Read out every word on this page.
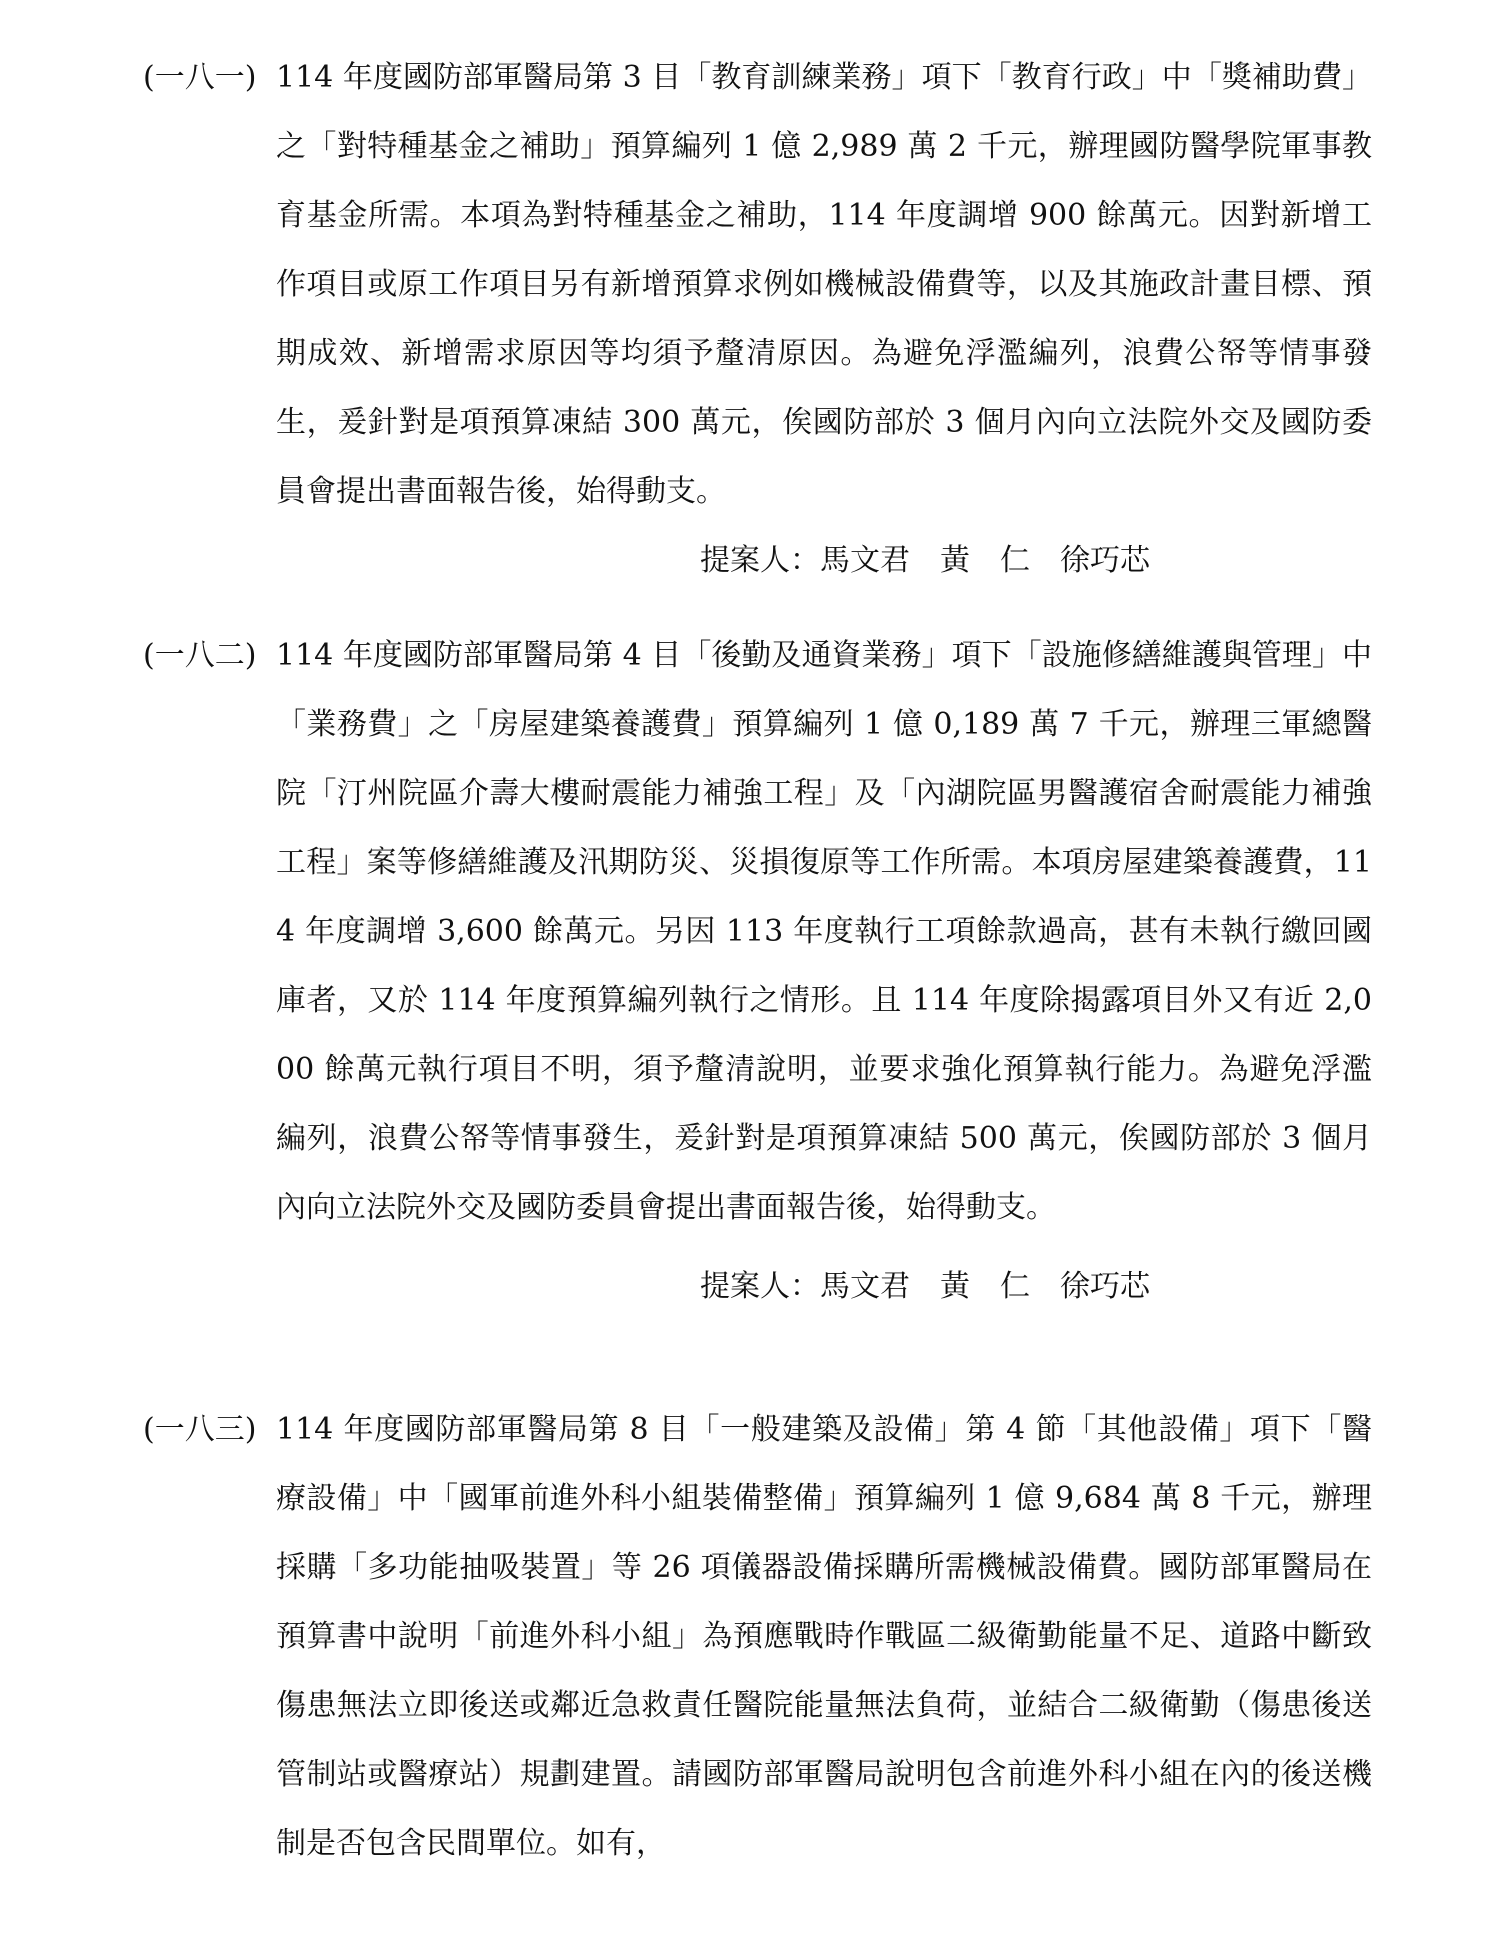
(一八一) 114 年度國防部軍醫局第 3 目「教育訓練業務」項下「教育行政」中「獎補助費」之「對特種基金之補助」預算編列 1 億 2,989 萬 2 千元，辦理國防醫學院軍事教育基金所需。本項為對特種基金之補助，114 年度調增 900 餘萬元。因對新增工作項目或原工作項目另有新增預算求例如機械設備費等，以及其施政計畫目標、預期成效、新增需求原因等均須予釐清原因。為避免浮濫編列，浪費公帑等情事發生，爰針對是項預算凍結 300 萬元，俟國防部於 3 個月內向立法院外交及國防委員會提出書面報告後，始得動支。
提案人：馬文君 黃　仁 徐巧芯
(一八二) 114 年度國防部軍醫局第 4 目「後勤及通資業務」項下「設施修繕維護與管理」中「業務費」之「房屋建築養護費」預算編列 1 億 0,189 萬 7 千元，辦理三軍總醫院「汀州院區介壽大樓耐震能力補強工程」及「內湖院區男醫護宿舍耐震能力補強工程」案等修繕維護及汛期防災、災損復原等工作所需。本項房屋建築養護費，114 年度調增 3,600 餘萬元。另因 113 年度執行工項餘款過高，甚有未執行繳回國庫者，又於 114 年度預算編列執行之情形。且 114 年度除揭露項目外又有近 2,000 餘萬元執行項目不明，須予釐清說明，並要求強化預算執行能力。為避免浮濫編列，浪費公帑等情事發生，爰針對是項預算凍結 500 萬元，俟國防部於 3 個月內向立法院外交及國防委員會提出書面報告後，始得動支。
提案人：馬文君 黃　仁 徐巧芯
(一八三) 114 年度國防部軍醫局第 8 目「一般建築及設備」第 4 節「其他設備」項下「醫療設備」中「國軍前進外科小組裝備整備」預算編列 1 億 9,684 萬 8 千元，辦理採購「多功能抽吸裝置」等 26 項儀器設備採購所需機械設備費。國防部軍醫局在預算書中說明「前進外科小組」為預應戰時作戰區二級衛勤能量不足、道路中斷致傷患無法立即後送或鄰近急救責任醫院能量無法負荷，並結合二級衛勤（傷患後送管制站或醫療站）規劃建置。請國防部軍醫局說明包含前進外科小組在內的後送機制是否包含民間單位。如有，
